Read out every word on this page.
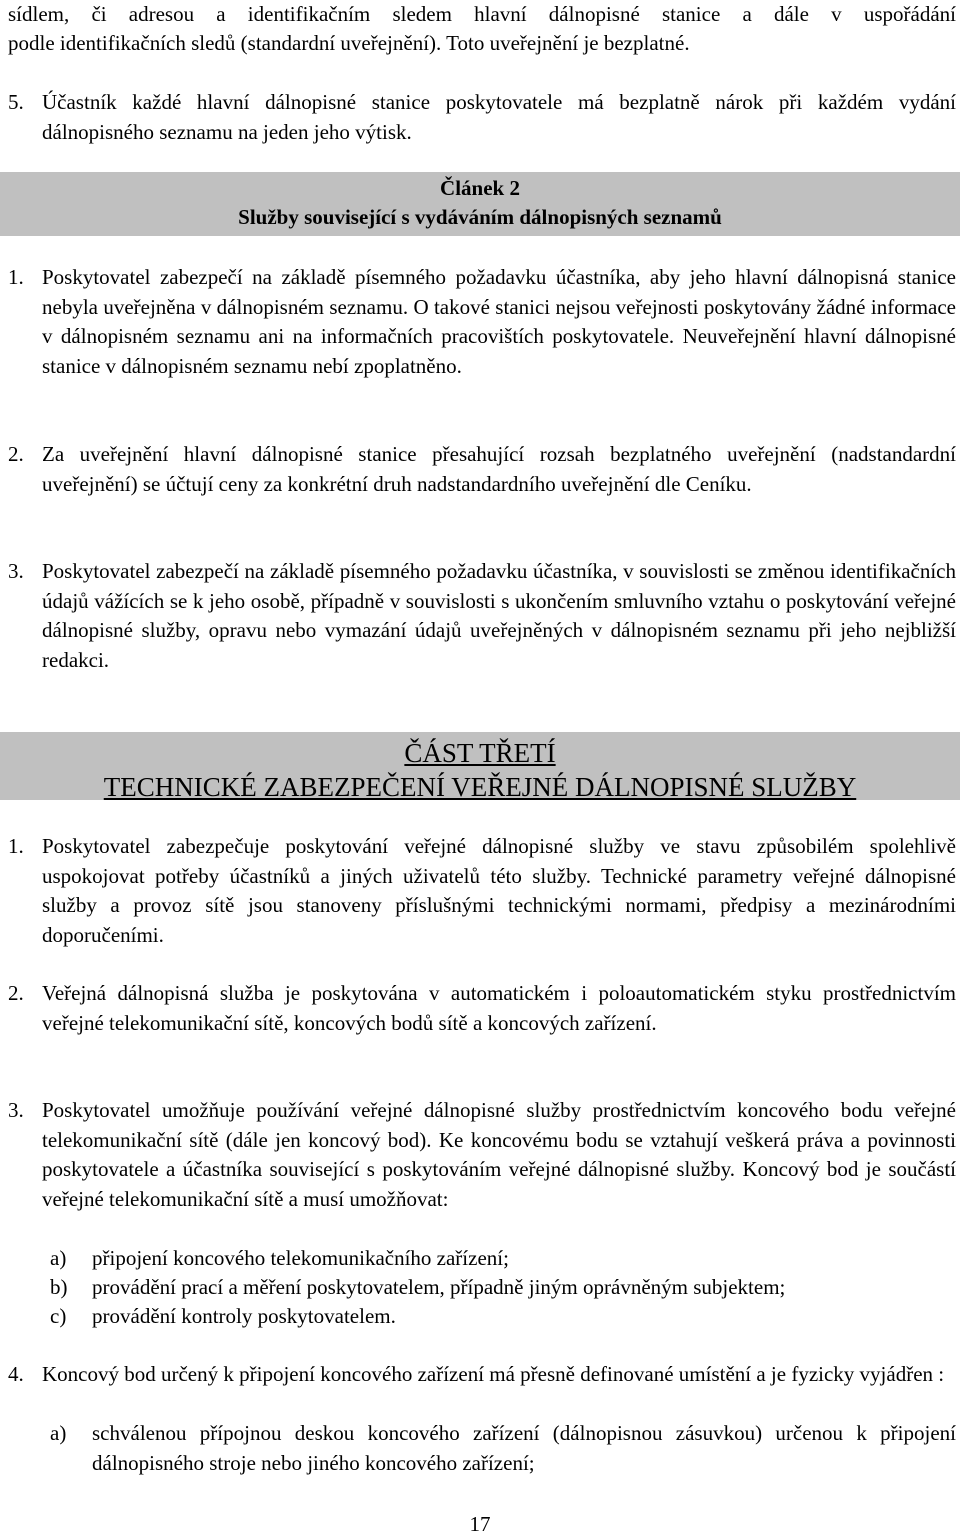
sídlem, či adresou a identifikačním sledem hlavní dálnopisné stanice a dále v uspořádání

podle identifikačních sledů (standardní uveřejnění). Toto uveřejnění je bezplatné.

5. Účastník každé hlavní dálnopisné stanice poskytovatele má bezplatně nárok při každém vydání dálnopisného seznamu na jeden jeho výtisk.
Článek 2
Služby související s vydáváním dálnopisných seznamů
1. Poskytovatel zabezpečí na základě písemného požadavku účastníka, aby jeho hlavní dálnopisná stanice nebyla uveřejněna v dálnopisném seznamu. O takové stanici nejsou veřejnosti poskytovány žádné informace v dálnopisném seznamu ani na informačních pracovištích poskytovatele. Neuveřejnění hlavní dálnopisné stanice v dálnopisném seznamu nebí zpoplatněno.
2. Za uveřejnění hlavní dálnopisné stanice přesahující rozsah bezplatného uveřejnění (nadstandardní uveřejnění) se účtují ceny za konkrétní druh nadstandardního uveřejnění dle Ceníku.
3. Poskytovatel zabezpečí na základě písemného požadavku účastníka, v souvislosti se změnou identifikačních údajů vážících se k jeho osobě, případně v souvislosti s ukončením smluvního vztahu o poskytování veřejné dálnopisné služby, opravu nebo vymazání údajů uveřejněných v dálnopisném seznamu při jeho nejbližší redakci.
ČÁST TŘETÍ
TECHNICKÉ ZABEZPEČENÍ VEŘEJNÉ DÁLNOPISNÉ SLUŽBY
1. Poskytovatel zabezpečuje poskytování veřejné dálnopisné služby ve stavu způsobilém spolehlivě uspokojovat potřeby účastníků a jiných uživatelů této služby. Technické parametry veřejné dálnopisné služby a provoz sítě jsou stanoveny příslušnými technickými normami, předpisy a mezinárodními doporučeními.
2. Veřejná dálnopisná služba je poskytována v automatickém i poloautomatickém styku prostřednictvím veřejné telekomunikační sítě, koncových bodů sítě a koncových zařízení.
3. Poskytovatel umožňuje používání veřejné dálnopisné služby prostřednictvím koncového bodu veřejné telekomunikační sítě (dále jen koncový bod). Ke koncovému bodu se vztahují veškerá práva a povinnosti poskytovatele a účastníka související s poskytováním veřejné dálnopisné služby. Koncový bod je součástí veřejné telekomunikační sítě a musí umožňovat:
a) připojení koncového telekomunikačního zařízení;
b) provádění prací a měření poskytovatelem, případně jiným oprávněným subjektem;
c) provádění kontroly poskytovatelem.
4. Koncový bod určený k připojení koncového zařízení má přesně definované umístění a je fyzicky vyjádřen :
a) schválenou přípojnou deskou koncového zařízení (dálnopisnou zásuvkou) určenou k připojení dálnopisného stroje nebo jiného koncového zařízení;
17
